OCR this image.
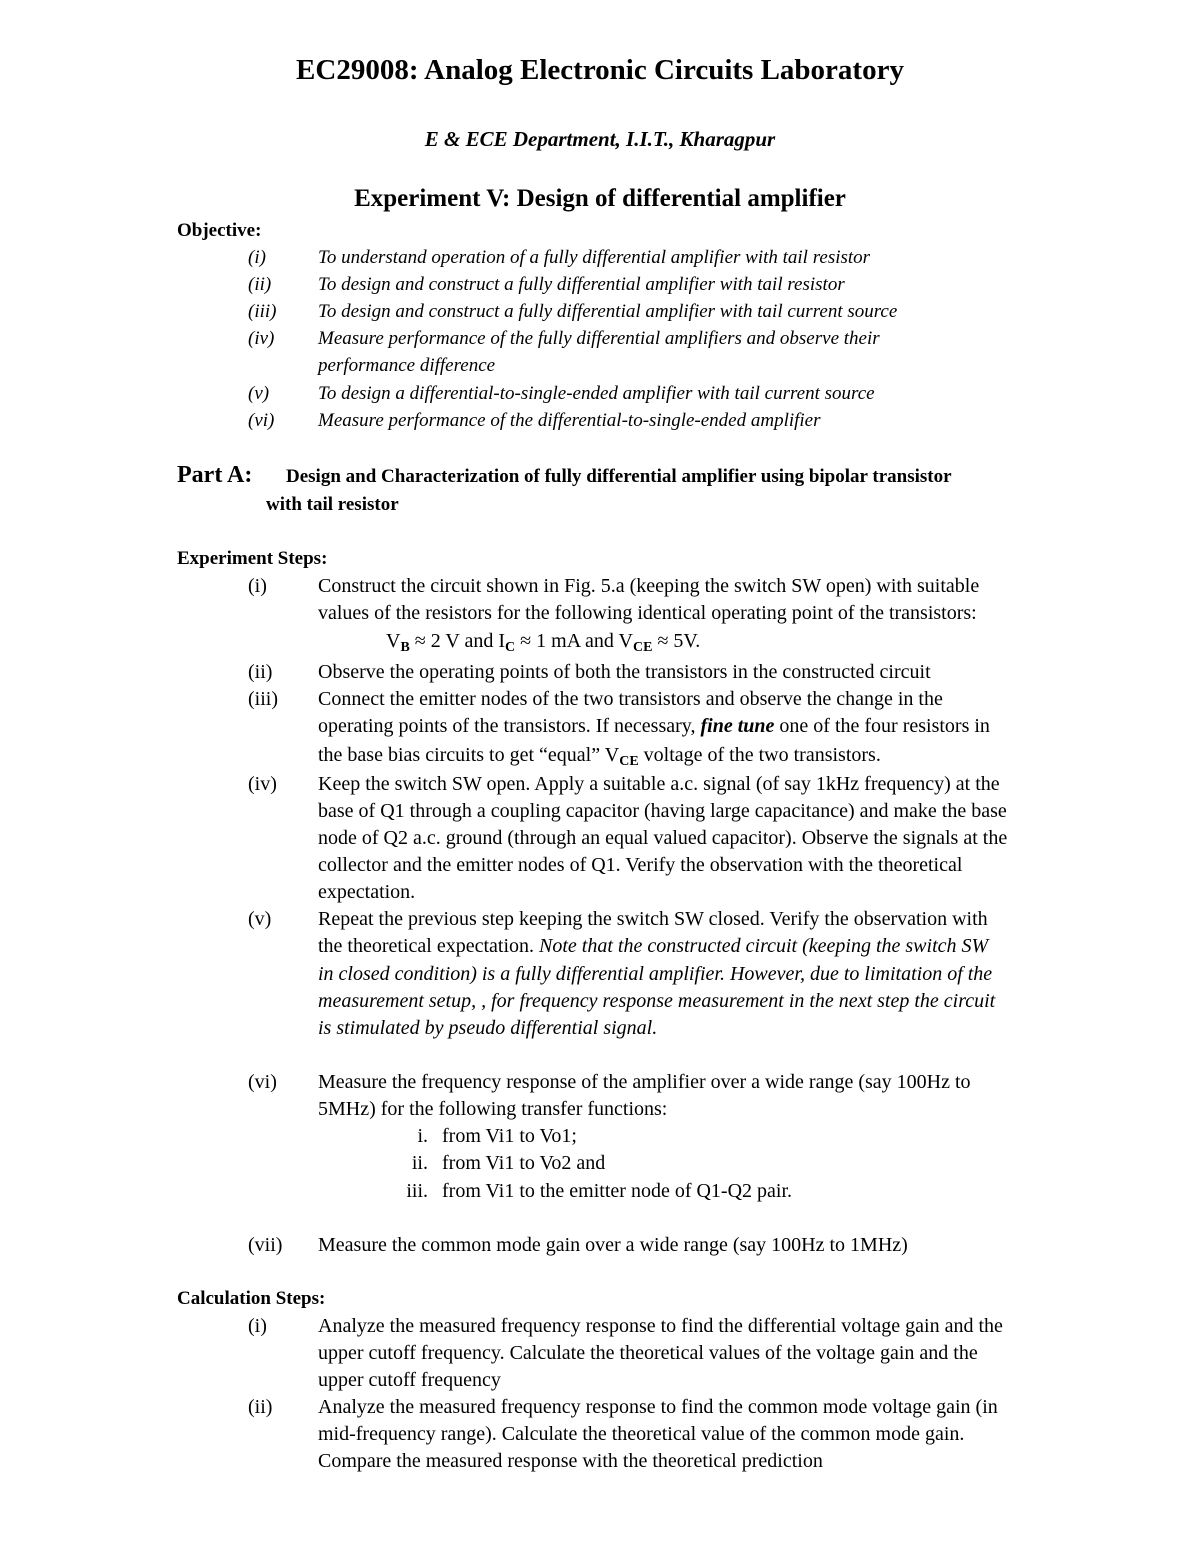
EC29008: Analog Electronic Circuits Laboratory
E & ECE Department, I.I.T., Kharagpur
Experiment V: Design of differential amplifier
Objective:
(i)	To understand operation of a fully differential amplifier with tail resistor
(ii) To design and construct a fully differential amplifier with tail resistor
(iii) To design and construct a fully differential amplifier with tail current source
(iv) Measure performance of the fully differential amplifiers and observe their
performance difference
(v)	To design a differential-to-single-ended amplifier with tail current source
(vi) Measure performance of the differential-to-single-ended amplifier
Part A: Design and Characterization of fully differential amplifier using bipolar transistor
with tail resistor
Experiment Steps:
(i)	Construct the circuit shown in Fig. 5.a (keeping the switch SW open) with suitable
values of the resistors for the following identical operating point of the transistors:
$V_B \approx 2$ V and $I_C \approx 1$ mA and $V_{CE} \approx 5V$.
(ii) Observe the operating points of both the transistors in the constructed circuit
(iii) Connect the emitter nodes of the two transistors and observe the change in the
operating points of the transistors. If necessary, fine tune one of the four resistors in
the base bias circuits to get “equal” $V_{CE}$ voltage of the two transistors.
(iv) Keep the switch SW open. Apply a suitable a.c. signal (of say 1kHz frequency) at the
base of Q1 through a coupling capacitor (having large capacitance) and make the base
node of Q2 a.c. ground (through an equal valued capacitor). Observe the signals at the
collector and the emitter nodes of Q1. Verify the observation with the theoretical
expectation.
(v) Repeat the previous step keeping the switch SW closed. Verify the observation with
the theoretical expectation. Note that the constructed circuit (keeping the switch SW
in closed condition) is a fully differential amplifier. However, due to limitation of the
measurement setup, , for frequency response measurement in the next step the circuit
is stimulated by pseudo differential signal.
(vi) Measure the frequency response of the amplifier over a wide range (say 100Hz to
5MHz) for the following transfer functions:
i. from Vi1 to Vo1;
ii. from Vi1 to Vo2 and
iii. from Vi1 to the emitter node of Q1-Q2 pair.
(vii) Measure the common mode gain over a wide range (say 100Hz to 1MHz)
Calculation Steps:
(i)	Analyze the measured frequency response to find the differential voltage gain and the
upper cutoff frequency. Calculate the theoretical values of the voltage gain and the
upper cutoff frequency
(ii) Analyze the measured frequency response to find the common mode voltage gain (in
mid-frequency range). Calculate the theoretical value of the common mode gain.
Compare the measured response with the theoretical prediction
